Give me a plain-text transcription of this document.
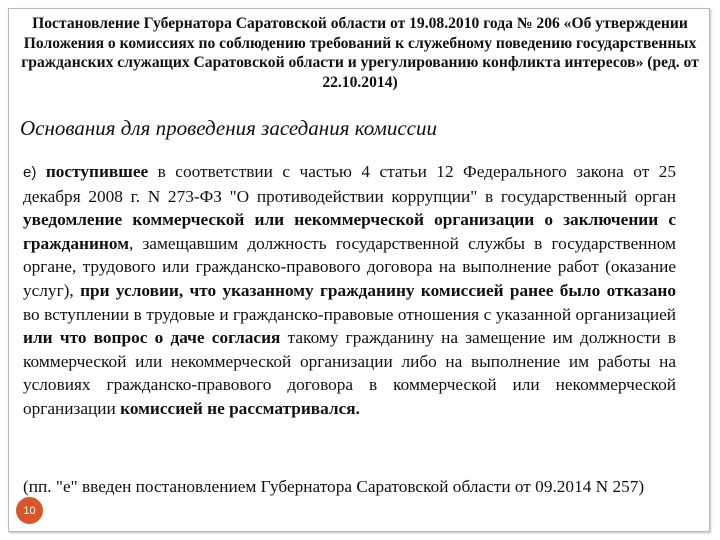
Постановление Губернатора Саратовской области от 19.08.2010 года № 206 «Об утверждении Положения о комиссиях по соблюдению требований к служебному поведению государственных гражданских служащих Саратовской области и урегулированию конфликта интересов» (ред. от 22.10.2014)
Основания для проведения заседания комиссии
е) поступившее в соответствии с частью 4 статьи 12 Федерального закона от 25 декабря 2008 г. N 273-ФЗ "О противодействии коррупции" в государственный орган уведомление коммерческой или некоммерческой организации о заключении с гражданином, замещавшим должность государственной службы в государственном органе, трудового или гражданско-правового договора на выполнение работ (оказание услуг), при условии, что указанному гражданину комиссией ранее было отказано во вступлении в трудовые и гражданско-правовые отношения с указанной организацией или что вопрос о даче согласия такому гражданину на замещение им должности в коммерческой или некоммерческой организации либо на выполнение им работы на условиях гражданско-правового договора в коммерческой или некоммерческой организации комиссией не рассматривался.
(пп. "е" введен постановлением Губернатора Саратовской области от 09.2014 N 257)
10
